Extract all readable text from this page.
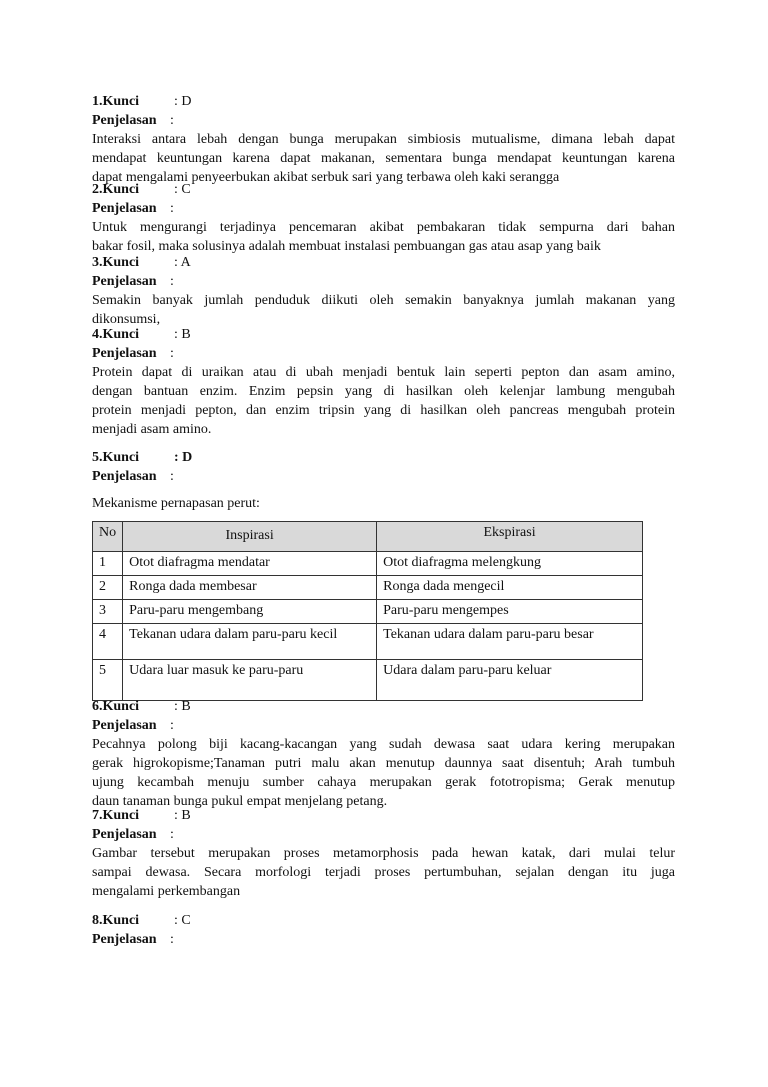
1.Kunci : D
Penjelasan :
Interaksi antara lebah dengan bunga merupakan simbiosis mutualisme, dimana lebah dapat
mendapat keuntungan karena dapat makanan, sementara bunga mendapat keuntungan karena
dapat mengalami penyeerbukan akibat serbuk sari yang terbawa oleh kaki serangga
2.Kunci : C
Penjelasan :
Untuk mengurangi terjadinya pencemaran akibat pembakaran tidak sempurna dari bahan
bakar fosil, maka solusinya adalah membuat instalasi pembuangan gas atau asap yang baik
3.Kunci : A
Penjelasan :
Semakin banyak jumlah penduduk diikuti oleh semakin banyaknya jumlah makanan yang
dikonsumsi,
4.Kunci : B
Penjelasan :
Protein dapat di uraikan atau di ubah menjadi bentuk lain seperti pepton dan asam amino,
dengan bantuan enzim. Enzim pepsin yang di hasilkan oleh kelenjar lambung mengubah
protein menjadi pepton, dan enzim tripsin yang di hasilkan oleh pancreas mengubah protein
menjadi asam amino.
5.Kunci : D
Penjelasan :
Mekanisme pernapasan perut:
No	Inspirasi	Ekspirasi
1	Otot diafragma mendatar	Otot diafragma melengkung
2	Ronga dada membesar	Ronga dada mengecil
3	Paru-paru mengembang	Paru-paru mengempes
4	Tekanan udara dalam paru-paru kecil	Tekanan udara dalam paru-paru besar
5	Udara luar masuk ke paru-paru	Udara dalam paru-paru keluar
6.Kunci : B
Penjelasan :
Pecahnya polong biji kacang-kacangan yang sudah dewasa saat udara kering merupakan
gerak higrokopisme;Tanaman putri malu akan menutup daunnya saat disentuh; Arah tumbuh
ujung kecambah menuju sumber cahaya merupakan gerak fototropisma; Gerak menutup
daun tanaman bunga pukul empat menjelang petang.
7.Kunci : B
Penjelasan :
Gambar tersebut merupakan proses metamorphosis pada hewan katak, dari mulai telur
sampai dewasa. Secara morfologi terjadi proses pertumbuhan, sejalan dengan itu juga
mengalami perkembangan
8.Kunci : C
Penjelasan :
